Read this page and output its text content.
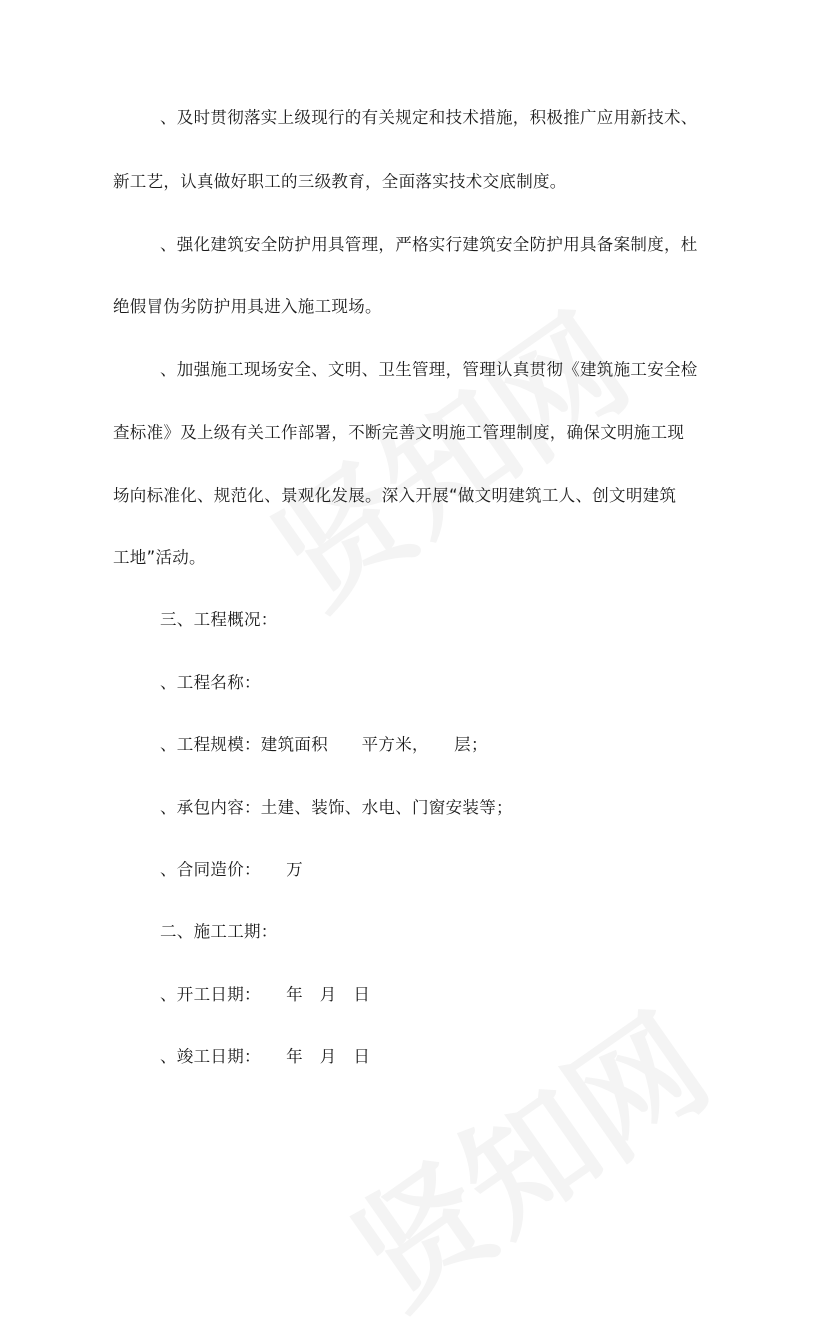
、及时贯彻落实上级现行的有关规定和技术措施，积极推广应用新技术、
新工艺，认真做好职工的三级教育，全面落实技术交底制度。
、强化建筑安全防护用具管理，严格实行建筑安全防护用具备案制度，杜
绝假冒伪劣防护用具进入施工现场。
、加强施工现场安全、文明、卫生管理，管理认真贯彻《建筑施工安全检
查标准》及上级有关工作部署，不断完善文明施工管理制度，确保文明施工现
场向标准化、规范化、景观化发展。深入开展“做文明建筑工人、创文明建筑
工地”活动。
三、工程概况：
、工程名称：
、工程规模：建筑面积　　平方米，　　层；
、承包内容：土建、装饰、水电、门窗安装等；
、合同造价：　　万
二、施工工期：
、开工日期：　　年　月　日
、竣工日期：　　年　月　日
